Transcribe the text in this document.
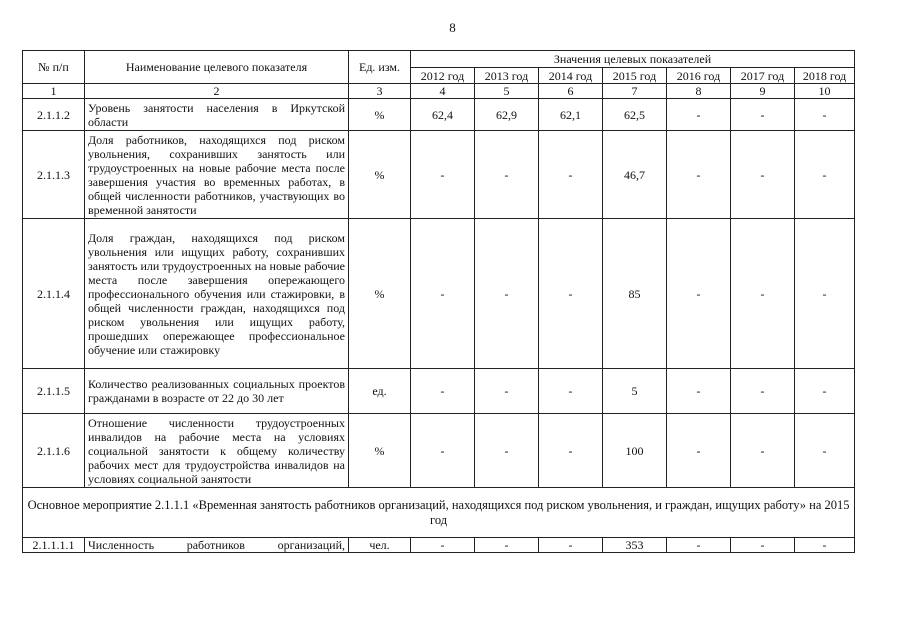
8
№ п/п	Наименование целевого показателя	Ед. изм.	Значения целевых показателей						
			2012 год	2013 год	2014 год	2015 год	2016 год	2017 год	2018 год
1	2	3	4	5	6	7	8	9	10
2.1.1.2	Уровень занятости населения в Иркутской области	%	62,4	62,9	62,1	62,5	-	-	-
2.1.1.3	Доля работников, находящихся под риском увольнения, сохранивших занятость или трудоустроенных на новые рабочие места после завершения участия во временных работах, в общей численности работников, участвующих во временной занятости	%	-	-	-	46,7	-	-	-
2.1.1.4	Доля граждан, находящихся под риском увольнения или ищущих работу, сохранивших занятость или трудоустроенных на новые рабочие места после завершения опережающего профессионального обучения или стажировки, в общей численности граждан, находящихся под риском увольнения или ищущих работу, прошедших опережающее профессиональное обучение или стажировку	%	-	-	-	85	-	-	-
2.1.1.5	Количество реализованных социальных проектов гражданами в возрасте от 22 до 30 лет	ед.	-	-	-	5	-	-	-
2.1.1.6	Отношение численности трудоустроенных инвалидов на рабочие места на условиях социальной занятости к общему количеству рабочих мест для трудоустройства инвалидов на условиях социальной занятости	%	-	-	-	100	-	-	-
Основное мероприятие 2.1.1.1 «Временная занятость работников организаций, находящихся под риском увольнения, и граждан, ищущих работу» на 2015 год									
2.1.1.1.1	Численность работников организаций,	чел.	-	-	-	353	-	-	-
